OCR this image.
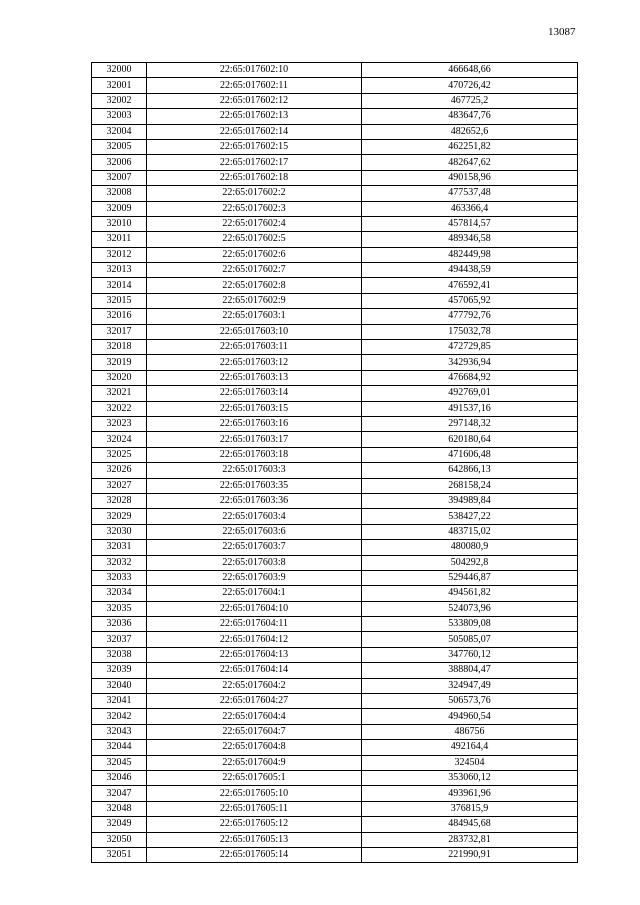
13087
32000	22:65:017602:10	466648,66
32001	22:65:017602:11	470726,42
32002	22:65:017602:12	467725,2
32003	22:65:017602:13	483647,76
32004	22:65:017602:14	482652,6
32005	22:65:017602:15	462251,82
32006	22:65:017602:17	482647,62
32007	22:65:017602:18	490158,96
32008	22:65:017602:2	477537,48
32009	22:65:017602:3	463366,4
32010	22:65:017602:4	457814,57
32011	22:65:017602:5	489346,58
32012	22:65:017602:6	482449,98
32013	22:65:017602:7	494438,59
32014	22:65:017602:8	476592,41
32015	22:65:017602:9	457065,92
32016	22:65:017603:1	477792,76
32017	22:65:017603:10	175032,78
32018	22:65:017603:11	472729,85
32019	22:65:017603:12	342936,94
32020	22:65:017603:13	476684,92
32021	22:65:017603:14	492769,01
32022	22:65:017603:15	491537,16
32023	22:65:017603:16	297148,32
32024	22:65:017603:17	620180,64
32025	22:65:017603:18	471606,48
32026	22:65:017603:3	642866,13
32027	22:65:017603:35	268158,24
32028	22:65:017603:36	394989,84
32029	22:65:017603:4	538427,22
32030	22:65:017603:6	483715,02
32031	22:65:017603:7	480080,9
32032	22:65:017603:8	504292,8
32033	22:65:017603:9	529446,87
32034	22:65:017604:1	494561,82
32035	22:65:017604:10	524073,96
32036	22:65:017604:11	533809,08
32037	22:65:017604:12	505085,07
32038	22:65:017604:13	347760,12
32039	22:65:017604:14	388804,47
32040	22:65:017604:2	324947,49
32041	22:65:017604:27	506573,76
32042	22:65:017604:4	494960,54
32043	22:65:017604:7	486756
32044	22:65:017604:8	492164,4
32045	22:65:017604:9	324504
32046	22:65:017605:1	353060,12
32047	22:65:017605:10	493961,96
32048	22:65:017605:11	376815,9
32049	22:65:017605:12	484945,68
32050	22:65:017605:13	283732,81
32051	22:65:017605:14	221990,91
